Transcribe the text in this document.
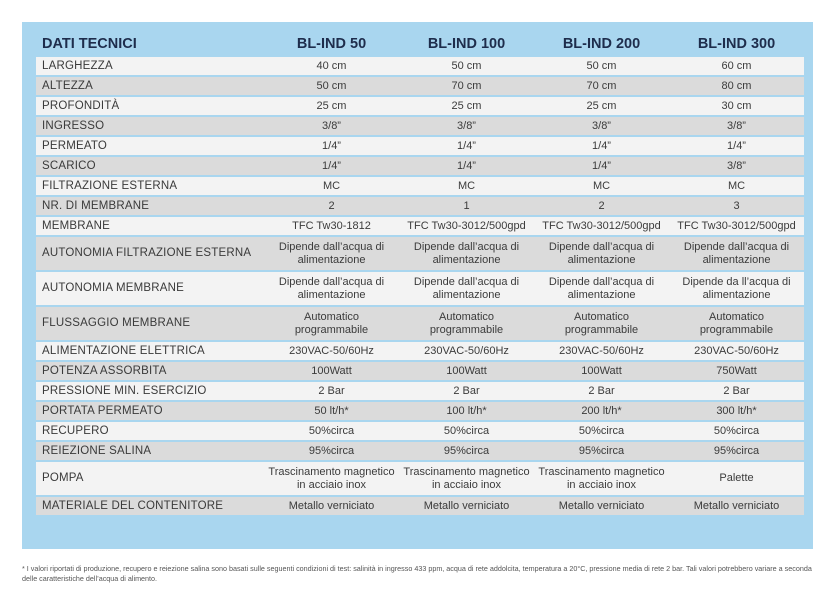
DATI TECNICI	BL-IND 50	BL-IND 100	BL-IND 200	BL-IND 300
LARGHEZZA	40 cm	50 cm	50 cm	60 cm
ALTEZZA	50 cm	70 cm	70 cm	80 cm
PROFONDITÀ	25 cm	25 cm	25 cm	30 cm
INGRESSO	3/8”	3/8”	3/8”	3/8”
PERMEATO	1/4”	1/4”	1/4”	1/4”
SCARICO	1/4”	1/4”	1/4”	3/8”
FILTRAZIONE ESTERNA	MC	MC	MC	MC
NR. DI MEMBRANE	2	1	2	3
MEMBRANE	TFC Tw30-1812	TFC Tw30-3012/500gpd	TFC Tw30-3012/500gpd	TFC Tw30-3012/500gpd
AUTONOMIA FILTRAZIONE ESTERNA	Dipende dall’acqua di alimentazione	Dipende dall’acqua di alimentazione	Dipende dall’acqua di alimentazione	Dipende dall’acqua di alimentazione
AUTONOMIA MEMBRANE	Dipende dall’acqua di alimentazione	Dipende dall’acqua di alimentazione	Dipende dall’acqua di alimentazione	Dipende da ll’acqua di alimentazione
FLUSSAGGIO MEMBRANE	Automatico programmabile	Automatico programmabile	Automatico programmabile	Automatico programmabile
ALIMENTAZIONE ELETTRICA	230VAC-50/60Hz	230VAC-50/60Hz	230VAC-50/60Hz	230VAC-50/60Hz
POTENZA ASSORBITA	100Watt	100Watt	100Watt	750Watt
PRESSIONE MIN. ESERCIZIO	2 Bar	2 Bar	2 Bar	2 Bar
PORTATA PERMEATO	50 lt/h*	100 lt/h*	200 lt/h*	300 lt/h*
RECUPERO	50%circa	50%circa	50%circa	50%circa
REIEZIONE SALINA	95%circa	95%circa	95%circa	95%circa
POMPA	Trascinamento magnetico in acciaio inox	Trascinamento magnetico in acciaio inox	Trascinamento magnetico in acciaio inox	Palette
MATERIALE DEL CONTENITORE	Metallo verniciato	Metallo verniciato	Metallo verniciato	Metallo verniciato
* I valori riportati di produzione, recupero e reiezione salina sono basati sulle seguenti condizioni di test: salinità in ingresso 433 ppm, acqua di rete addolcita, temperatura a 20°C, pressione media di rete 2 bar. Tali valori potrebbero variare a seconda delle caratteristiche dell’acqua di alimento.
